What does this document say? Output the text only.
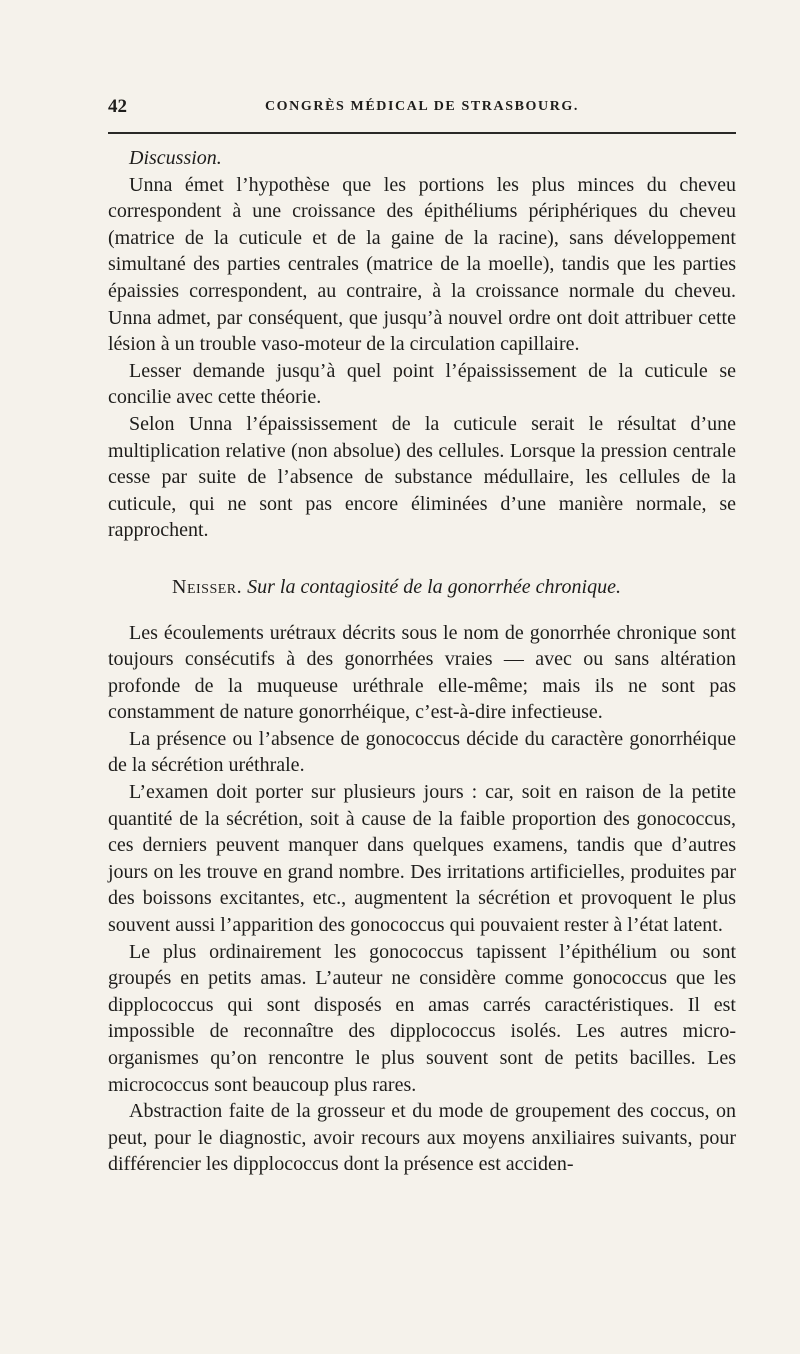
42	CONGRÈS MÉDICAL DE STRASBOURG.

Discussion.

Unna émet l’hypothèse que les portions les plus minces du cheveu correspondent à une croissance des épithéliums périphériques du cheveu (matrice de la cuticule et de la gaine de la racine), sans développement simultané des parties centrales (matrice de la moelle), tandis que les parties épaissies correspondent, au contraire, à la croissance normale du cheveu. Unna admet, par conséquent, que jusqu’à nouvel ordre ont doit attribuer cette lésion à un trouble vaso-moteur de la circulation capillaire.

Lesser demande jusqu’à quel point l’épaississement de la cuticule se concilie avec cette théorie.

Selon Unna l’épaississement de la cuticule serait le résultat d’une multiplication relative (non absolue) des cellules. Lorsque la pression centrale cesse par suite de l’absence de substance médullaire, les cellules de la cuticule, qui ne sont pas encore éliminées d’une manière normale, se rapprochent.

Neisser. Sur la contagiosité de la gonorrhée chronique.

Les écoulements urétraux décrits sous le nom de gonorrhée chronique sont toujours consécutifs à des gonorrhées vraies — avec ou sans altération profonde de la muqueuse uréthrale elle-même; mais ils ne sont pas constamment de nature gonorrhéique, c’est-à-dire infectieuse.

La présence ou l’absence de gonococcus décide du caractère gonorrhéique de la sécrétion uréthrale.

L’examen doit porter sur plusieurs jours : car, soit en raison de la petite quantité de la sécrétion, soit à cause de la faible proportion des gonococcus, ces derniers peuvent manquer dans quelques examens, tandis que d’autres jours on les trouve en grand nombre. Des irritations artificielles, produites par des boissons excitantes, etc., augmentent la sécrétion et provoquent le plus souvent aussi l’apparition des gonococcus qui pouvaient rester à l’état latent.

Le plus ordinairement les gonococcus tapissent l’épithélium ou sont groupés en petits amas. L’auteur ne considère comme gonococcus que les dipplococcus qui sont disposés en amas carrés caractéristiques. Il est impossible de reconnaître des dipplococcus isolés. Les autres micro-organismes qu’on rencontre le plus souvent sont de petits bacilles. Les micrococcus sont beaucoup plus rares.

Abstraction faite de la grosseur et du mode de groupement des coccus, on peut, pour le diagnostic, avoir recours aux moyens anxiliaires suivants, pour différencier les dipplococcus dont la présence est acciden-
